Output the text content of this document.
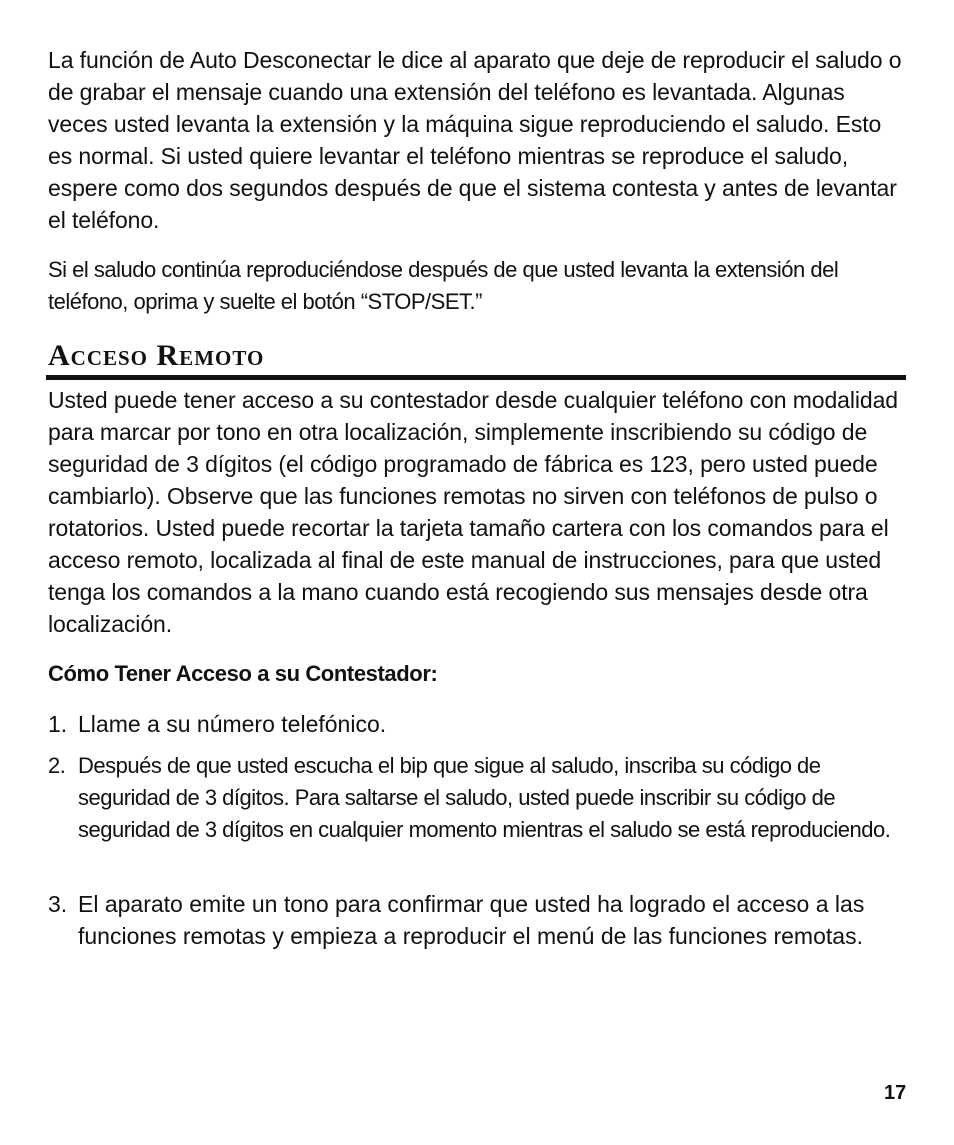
La función de Auto Desconectar le dice al aparato que deje de reproducir el saludo o de grabar el mensaje cuando una extensión del teléfono es levantada. Algunas veces usted levanta la extensión y la máquina sigue reproduciendo el saludo. Esto es normal. Si usted quiere levantar el teléfono mientras se reproduce el saludo, espere como dos segundos después de que el sistema contesta y antes de levantar el teléfono.

Si el saludo continúa reproduciéndose después de que usted levanta la extensión del teléfono, oprima y suelte el botón “STOP/SET.”

Acceso Remoto

Usted puede tener acceso a su contestador desde cualquier teléfono con modalidad para marcar por tono en otra localización, simplemente inscribiendo su código de seguridad de 3 dígitos (el código programado de fábrica es 123, pero usted puede cambiarlo). Observe que las funciones remotas no sirven con teléfonos de pulso o rotatorios. Usted puede recortar la tarjeta tamaño cartera con los comandos para el acceso remoto, localizada al final de este manual de instrucciones, para que usted tenga los comandos a la mano cuando está recogiendo sus mensajes desde otra localización.

Cómo Tener Acceso a su Contestador:
1. Llame a su número telefónico.
2. Después de que usted escucha el bip que sigue al saludo, inscriba su código de seguridad de 3 dígitos. Para saltarse el saludo, usted puede inscribir su código de seguridad de 3 dígitos en cualquier momento mientras el saludo se está reproduciendo.
3. El aparato emite un tono para confirmar que usted ha logrado el acceso a las funciones remotas y empieza a reproducir el menú de las funciones remotas.
17
